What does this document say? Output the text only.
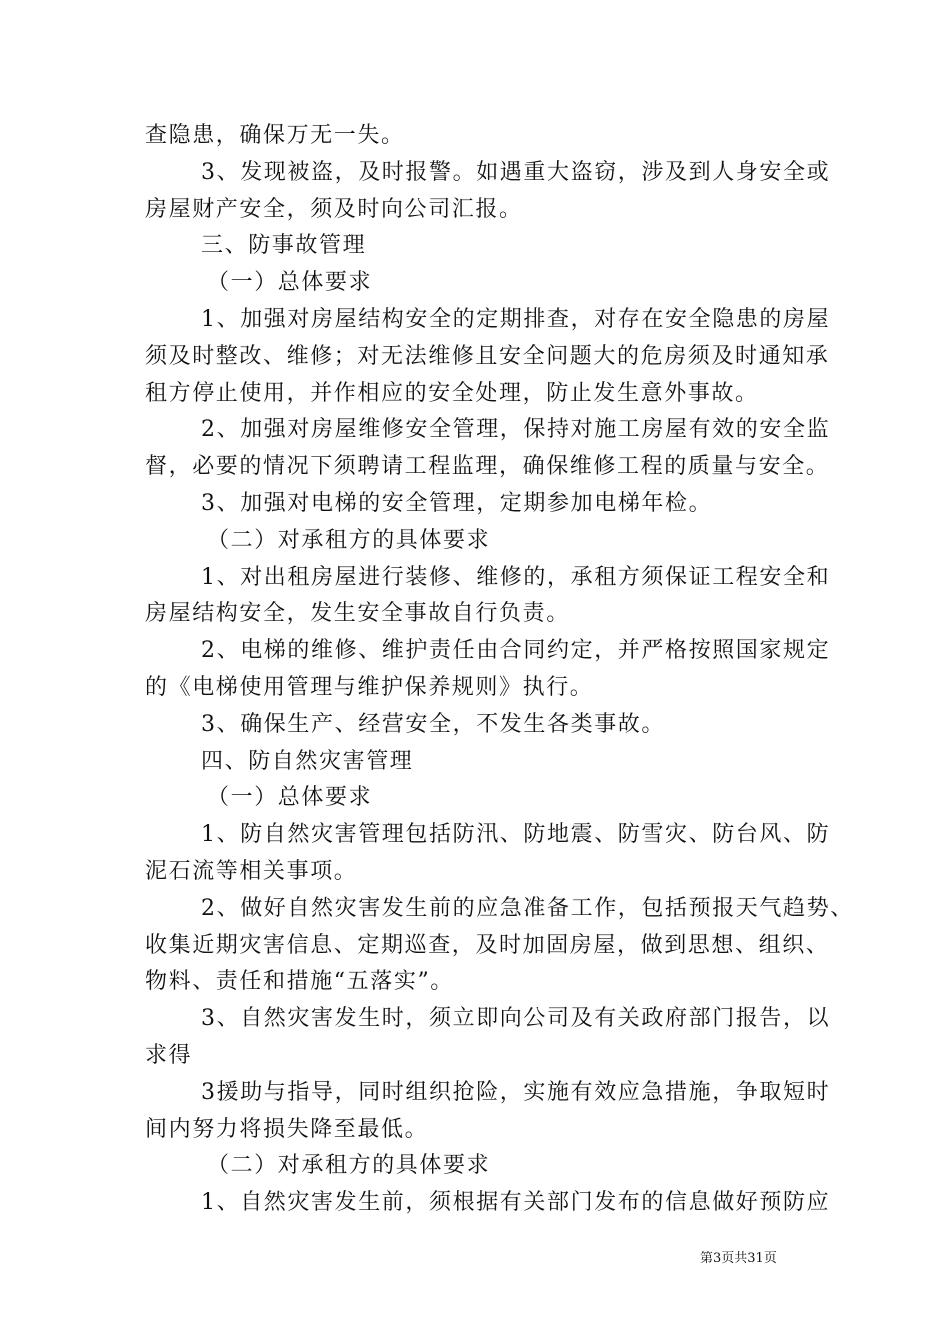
查隐患，确保万无一失。
3、发现被盗，及时报警。如遇重大盗窃，涉及到人身安全或
房屋财产安全，须及时向公司汇报。
三、防事故管理
（一）总体要求
1、加强对房屋结构安全的定期排查，对存在安全隐患的房屋
须及时整改、维修；对无法维修且安全问题大的危房须及时通知承
租方停止使用，并作相应的安全处理，防止发生意外事故。
2、加强对房屋维修安全管理，保持对施工房屋有效的安全监
督，必要的情况下须聘请工程监理，确保维修工程的质量与安全。
3、加强对电梯的安全管理，定期参加电梯年检。
（二）对承租方的具体要求
1、对出租房屋进行装修、维修的，承租方须保证工程安全和
房屋结构安全，发生安全事故自行负责。
2、电梯的维修、维护责任由合同约定，并严格按照国家规定
的《电梯使用管理与维护保养规则》执行。
3、确保生产、经营安全，不发生各类事故。
四、防自然灾害管理
（一）总体要求
1、防自然灾害管理包括防汛、防地震、防雪灾、防台风、防
泥石流等相关事项。
2、做好自然灾害发生前的应急准备工作，包括预报天气趋势、
收集近期灾害信息、定期巡查，及时加固房屋，做到思想、组织、
物料、责任和措施“五落实”。
3、自然灾害发生时，须立即向公司及有关政府部门报告，以
求得
3援助与指导，同时组织抢险，实施有效应急措施，争取短时
间内努力将损失降至最低。
（二）对承租方的具体要求
1、自然灾害发生前，须根据有关部门发布的信息做好预防应
第3页共31页
